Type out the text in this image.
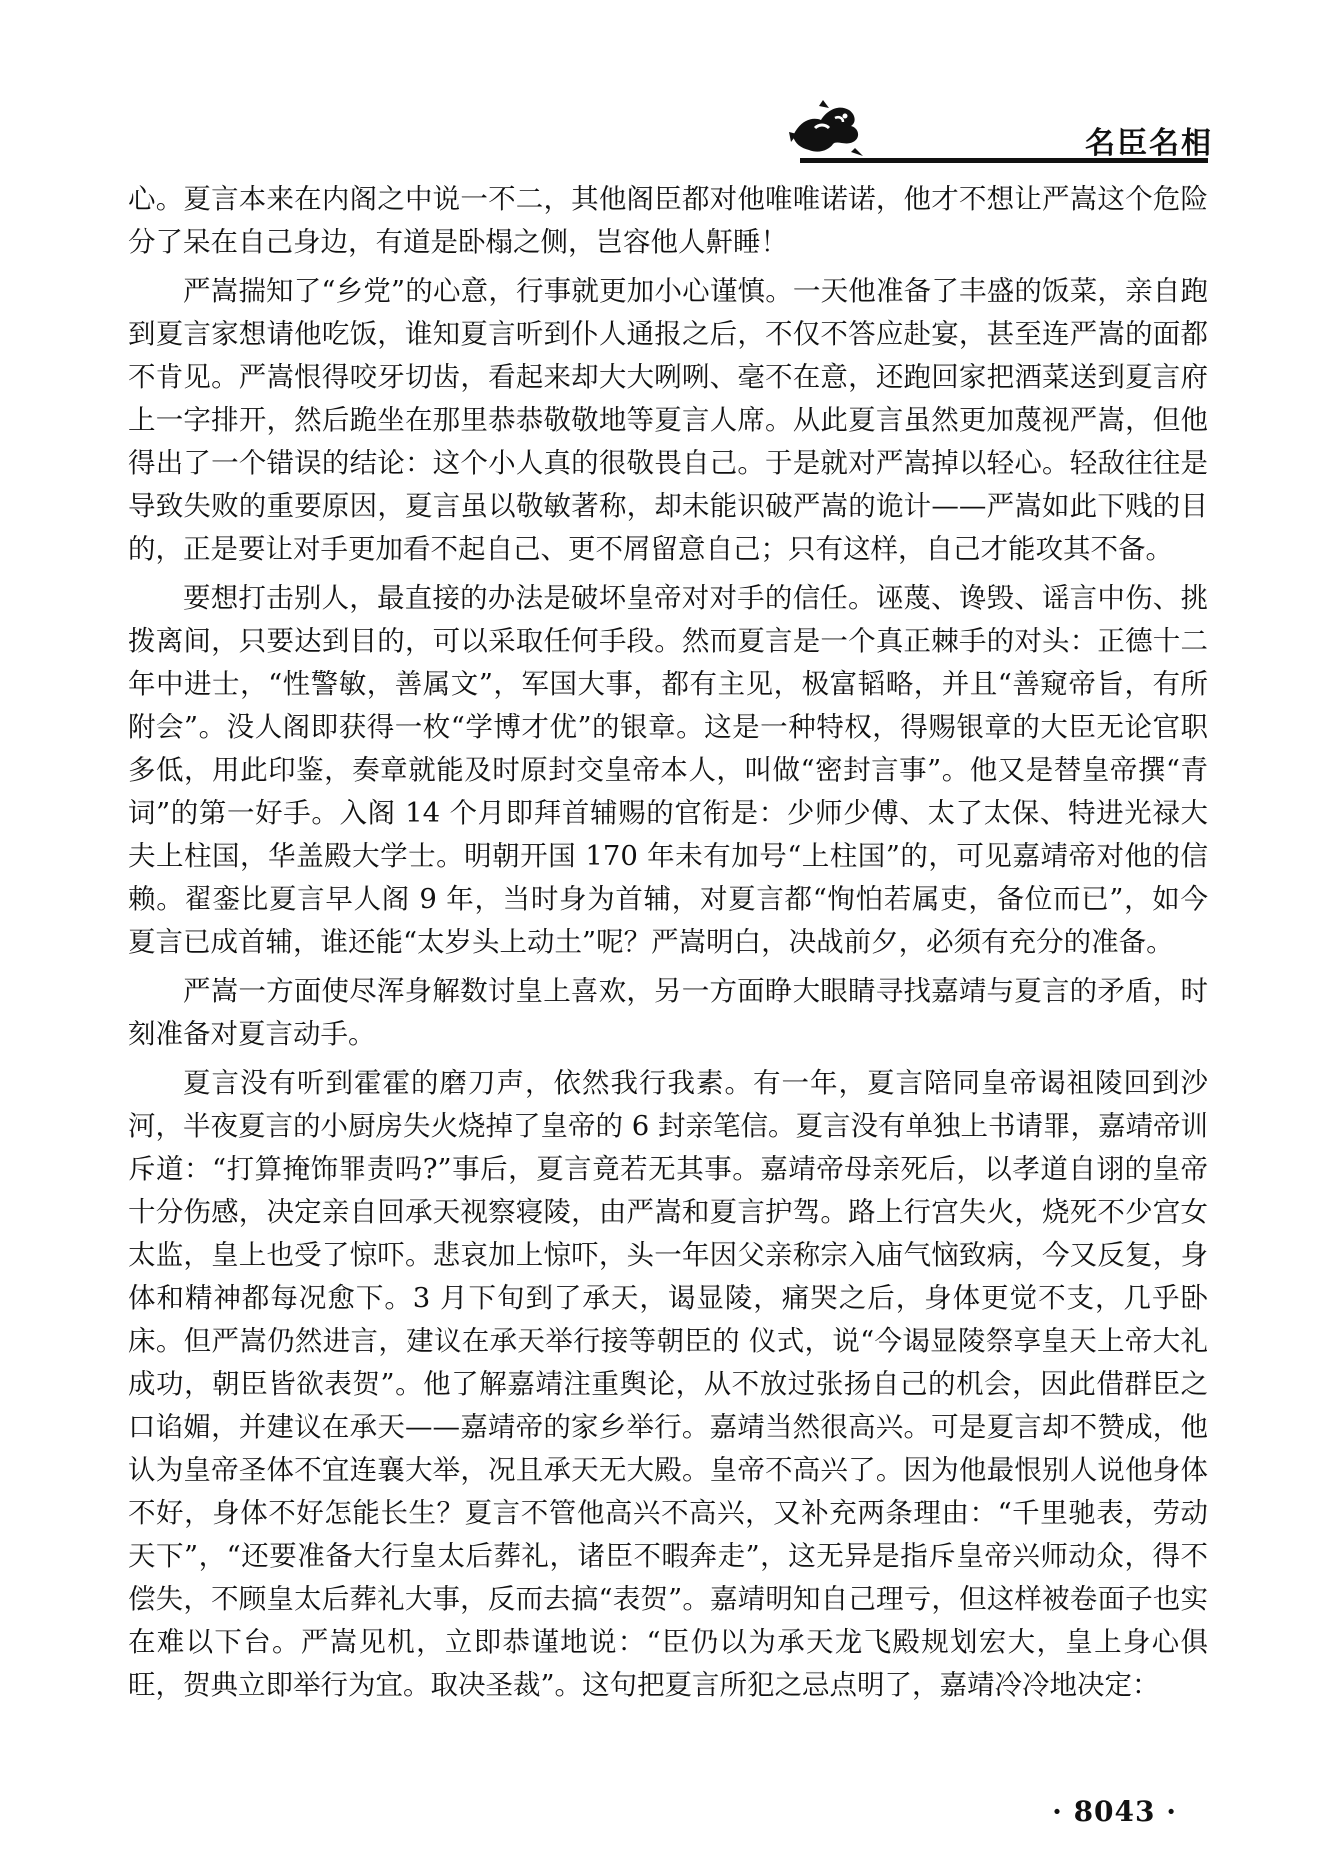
名臣名相

心。夏言本来在内阁之中说一不二，其他阁臣都对他唯唯诺诺，他才不想让严嵩这个危险分了呆在自己身边，有道是卧榻之侧，岂容他人鼾睡！

严嵩揣知了“乡党”的心意，行事就更加小心谨慎。一天他准备了丰盛的饭菜，亲自跑到夏言家想请他吃饭，谁知夏言听到仆人通报之后，不仅不答应赴宴，甚至连严嵩的面都不肯见。严嵩恨得咬牙切齿，看起来却大大咧咧、毫不在意，还跑回家把酒菜送到夏言府上一字排开，然后跪坐在那里恭恭敬敬地等夏言人席。从此夏言虽然更加蔑视严嵩，但他得出了一个错误的结论：这个小人真的很敬畏自己。于是就对严嵩掉以轻心。轻敌往往是导致失败的重要原因，夏言虽以敬敏著称，却未能识破严嵩的诡计——严嵩如此下贱的目的，正是要让对手更加看不起自己、更不屑留意自己；只有这样，自己才能攻其不备。

要想打击别人，最直接的办法是破坏皇帝对对手的信任。诬蔑、谗毁、谣言中伤、挑拨离间，只要达到目的，可以采取任何手段。然而夏言是一个真正棘手的对头：正德十二年中进士，“性警敏，善属文”，军国大事，都有主见，极富韬略，并且“善窥帝旨，有所附会”。没人阁即获得一枚“学博才优”的银章。这是一种特权，得赐银章的大臣无论官职多低，用此印鉴，奏章就能及时原封交皇帝本人，叫做“密封言事”。他又是替皇帝撰“青词”的第一好手。入阁 14 个月即拜首辅赐的官衔是：少师少傅、太了太保、特进光禄大夫上柱国，华盖殿大学士。明朝开国 170 年未有加号“上柱国”的，可见嘉靖帝对他的信赖。翟銮比夏言早人阁 9 年，当时身为首辅，对夏言都“恂怕若属吏，备位而已”，如今夏言已成首辅，谁还能“太岁头上动土”呢？严嵩明白，决战前夕，必须有充分的准备。

严嵩一方面使尽浑身解数讨皇上喜欢，另一方面睁大眼睛寻找嘉靖与夏言的矛盾，时刻准备对夏言动手。

夏言没有听到霍霍的磨刀声，依然我行我素。有一年，夏言陪同皇帝谒祖陵回到沙河，半夜夏言的小厨房失火烧掉了皇帝的 6 封亲笔信。夏言没有单独上书请罪，嘉靖帝训斥道：“打算掩饰罪责吗?”事后，夏言竟若无其事。嘉靖帝母亲死后，以孝道自诩的皇帝十分伤感，决定亲自回承天视察寝陵，由严嵩和夏言护驾。路上行宫失火，烧死不少宫女太监，皇上也受了惊吓。悲哀加上惊吓，头一年因父亲称宗入庙气恼致病，今又反复，身体和精神都每况愈下。3 月下旬到了承天，谒显陵，痛哭之后，身体更觉不支，几乎卧床。但严嵩仍然进言，建议在承天举行接等朝臣的 仪式，说“今谒显陵祭享皇天上帝大礼成功，朝臣皆欲表贺”。他了解嘉靖注重舆论，从不放过张扬自己的机会，因此借群臣之口谄媚，并建议在承天——嘉靖帝的家乡举行。嘉靖当然很高兴。可是夏言却不赞成，他认为皇帝圣体不宜连襄大举，况且承天无大殿。皇帝不高兴了。因为他最恨别人说他身体不好，身体不好怎能长生？夏言不管他高兴不高兴，又补充两条理由：“千里驰表，劳动天下”，“还要准备大行皇太后葬礼，诸臣不暇奔走”，这无异是指斥皇帝兴师动众，得不偿失，不顾皇太后葬礼大事，反而去搞“表贺”。嘉靖明知自己理亏，但这样被卷面子也实在难以下台。严嵩见机，立即恭谨地说：“臣仍以为承天龙飞殿规划宏大，皇上身心俱旺，贺典立即举行为宜。取决圣裁”。这句把夏言所犯之忌点明了，嘉靖冷冷地决定：

· 8043 ·
